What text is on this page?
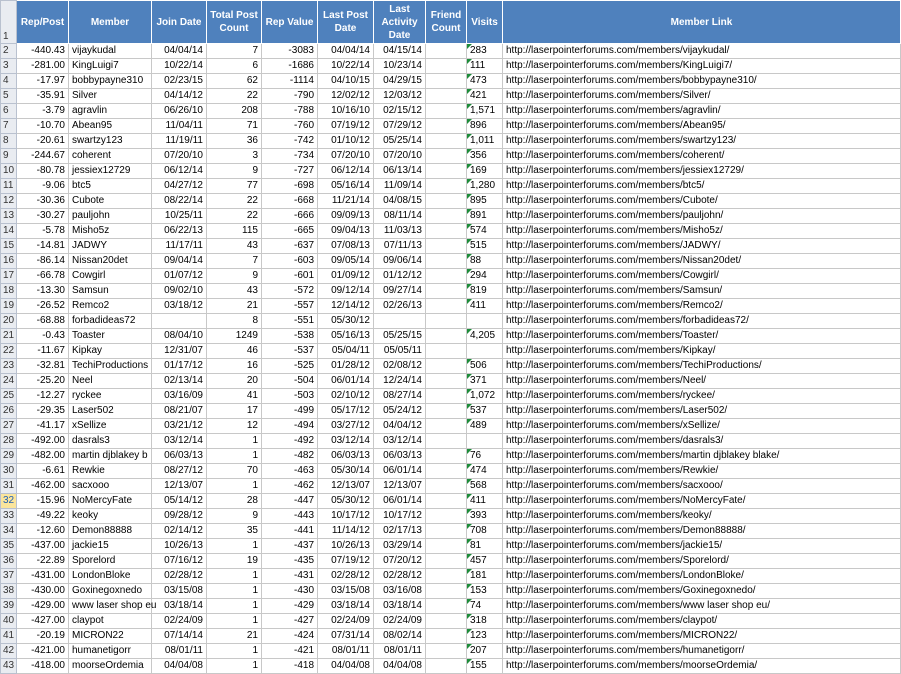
1	Rep/Post	Member	Join Date	Total Post Count	Rep Value	Last Post Date	Last Activity Date	Friend Count	Visits	Member Link
2	-440.43	vijaykudal	04/04/14	7	-3083	04/04/14	04/15/14		283	http://laserpointerforums.com/members/vijaykudal/
3	-281.00	KingLuigi7	10/22/14	6	-1686	10/22/14	10/23/14		111	http://laserpointerforums.com/members/KingLuigi7/
4	-17.97	bobbypayne310	02/23/15	62	-1114	04/10/15	04/29/15		473	http://laserpointerforums.com/members/bobbypayne310/
5	-35.91	Silver	04/14/12	22	-790	12/02/12	12/03/12		421	http://laserpointerforums.com/members/Silver/
6	-3.79	agravlin	06/26/10	208	-788	10/16/10	02/15/12		1,571	http://laserpointerforums.com/members/agravlin/
7	-10.70	Abean95	11/04/11	71	-760	07/19/12	07/29/12		896	http://laserpointerforums.com/members/Abean95/
8	-20.61	swartzy123	11/19/11	36	-742	01/10/12	05/25/14		1,011	http://laserpointerforums.com/members/swartzy123/
9	-244.67	coherent	07/20/10	3	-734	07/20/10	07/20/10		356	http://laserpointerforums.com/members/coherent/
10	-80.78	jessiex12729	06/12/14	9	-727	06/12/14	06/13/14		169	http://laserpointerforums.com/members/jessiex12729/
11	-9.06	btc5	04/27/12	77	-698	05/16/14	11/09/14		1,280	http://laserpointerforums.com/members/btc5/
12	-30.36	Cubote	08/22/14	22	-668	11/21/14	04/08/15		895	http://laserpointerforums.com/members/Cubote/
13	-30.27	pauljohn	10/25/11	22	-666	09/09/13	08/11/14		891	http://laserpointerforums.com/members/pauljohn/
14	-5.78	Misho5z	06/22/13	115	-665	09/04/13	11/03/13		574	http://laserpointerforums.com/members/Misho5z/
15	-14.81	JADWY	11/17/11	43	-637	07/08/13	07/11/13		515	http://laserpointerforums.com/members/JADWY/
16	-86.14	Nissan20det	09/04/14	7	-603	09/05/14	09/06/14		88	http://laserpointerforums.com/members/Nissan20det/
17	-66.78	Cowgirl	01/07/12	9	-601	01/09/12	01/12/12		294	http://laserpointerforums.com/members/Cowgirl/
18	-13.30	Samsun	09/02/10	43	-572	09/12/14	09/27/14		819	http://laserpointerforums.com/members/Samsun/
19	-26.52	Remco2	03/18/12	21	-557	12/14/12	02/26/13		411	http://laserpointerforums.com/members/Remco2/
20	-68.88	forbadideas72		8	-551	05/30/12				http://laserpointerforums.com/members/forbadideas72/
21	-0.43	Toaster	08/04/10	1249	-538	05/16/13	05/25/15		4,205	http://laserpointerforums.com/members/Toaster/
22	-11.67	Kipkay	12/31/07	46	-537	05/04/11	05/05/11			http://laserpointerforums.com/members/Kipkay/
23	-32.81	TechiProductions	01/17/12	16	-525	01/28/12	02/08/12		506	http://laserpointerforums.com/members/TechiProductions/
24	-25.20	Neel	02/13/14	20	-504	06/01/14	12/24/14		371	http://laserpointerforums.com/members/Neel/
25	-12.27	ryckee	03/16/09	41	-503	02/10/12	08/27/14		1,072	http://laserpointerforums.com/members/ryckee/
26	-29.35	Laser502	08/21/07	17	-499	05/17/12	05/24/12		537	http://laserpointerforums.com/members/Laser502/
27	-41.17	xSellize	03/21/12	12	-494	03/27/12	04/04/12		489	http://laserpointerforums.com/members/xSellize/
28	-492.00	dasrals3	03/12/14	1	-492	03/12/14	03/12/14			http://laserpointerforums.com/members/dasrals3/
29	-482.00	martin djblakey b	06/03/13	1	-482	06/03/13	06/03/13		76	http://laserpointerforums.com/members/martin djblakey blake/
30	-6.61	Rewkie	08/27/12	70	-463	05/30/14	06/01/14		474	http://laserpointerforums.com/members/Rewkie/
31	-462.00	sacxooo	12/13/07	1	-462	12/13/07	12/13/07		568	http://laserpointerforums.com/members/sacxooo/
32	-15.96	NoMercyFate	05/14/12	28	-447	05/30/12	06/01/14		411	http://laserpointerforums.com/members/NoMercyFate/
33	-49.22	keoky	09/28/12	9	-443	10/17/12	10/17/12		393	http://laserpointerforums.com/members/keoky/
34	-12.60	Demon88888	02/14/12	35	-441	11/14/12	02/17/13		708	http://laserpointerforums.com/members/Demon88888/
35	-437.00	jackie15	10/26/13	1	-437	10/26/13	03/29/14		81	http://laserpointerforums.com/members/jackie15/
36	-22.89	Sporelord	07/16/12	19	-435	07/19/12	07/20/12		457	http://laserpointerforums.com/members/Sporelord/
37	-431.00	LondonBloke	02/28/12	1	-431	02/28/12	02/28/12		181	http://laserpointerforums.com/members/LondonBloke/
38	-430.00	Goxinegoxnedo	03/15/08	1	-430	03/15/08	03/16/08		153	http://laserpointerforums.com/members/Goxinegoxnedo/
39	-429.00	www laser shop eu	03/18/14	1	-429	03/18/14	03/18/14		74	http://laserpointerforums.com/members/www laser shop eu/
40	-427.00	claypot	02/24/09	1	-427	02/24/09	02/24/09		318	http://laserpointerforums.com/members/claypot/
41	-20.19	MICRON22	07/14/14	21	-424	07/31/14	08/02/14		123	http://laserpointerforums.com/members/MICRON22/
42	-421.00	humanetigorr	08/01/11	1	-421	08/01/11	08/01/11		207	http://laserpointerforums.com/members/humanetigorr/
43	-418.00	moorseOrdemia	04/04/08	1	-418	04/04/08	04/04/08		155	http://laserpointerforums.com/members/moorseOrdemia/
